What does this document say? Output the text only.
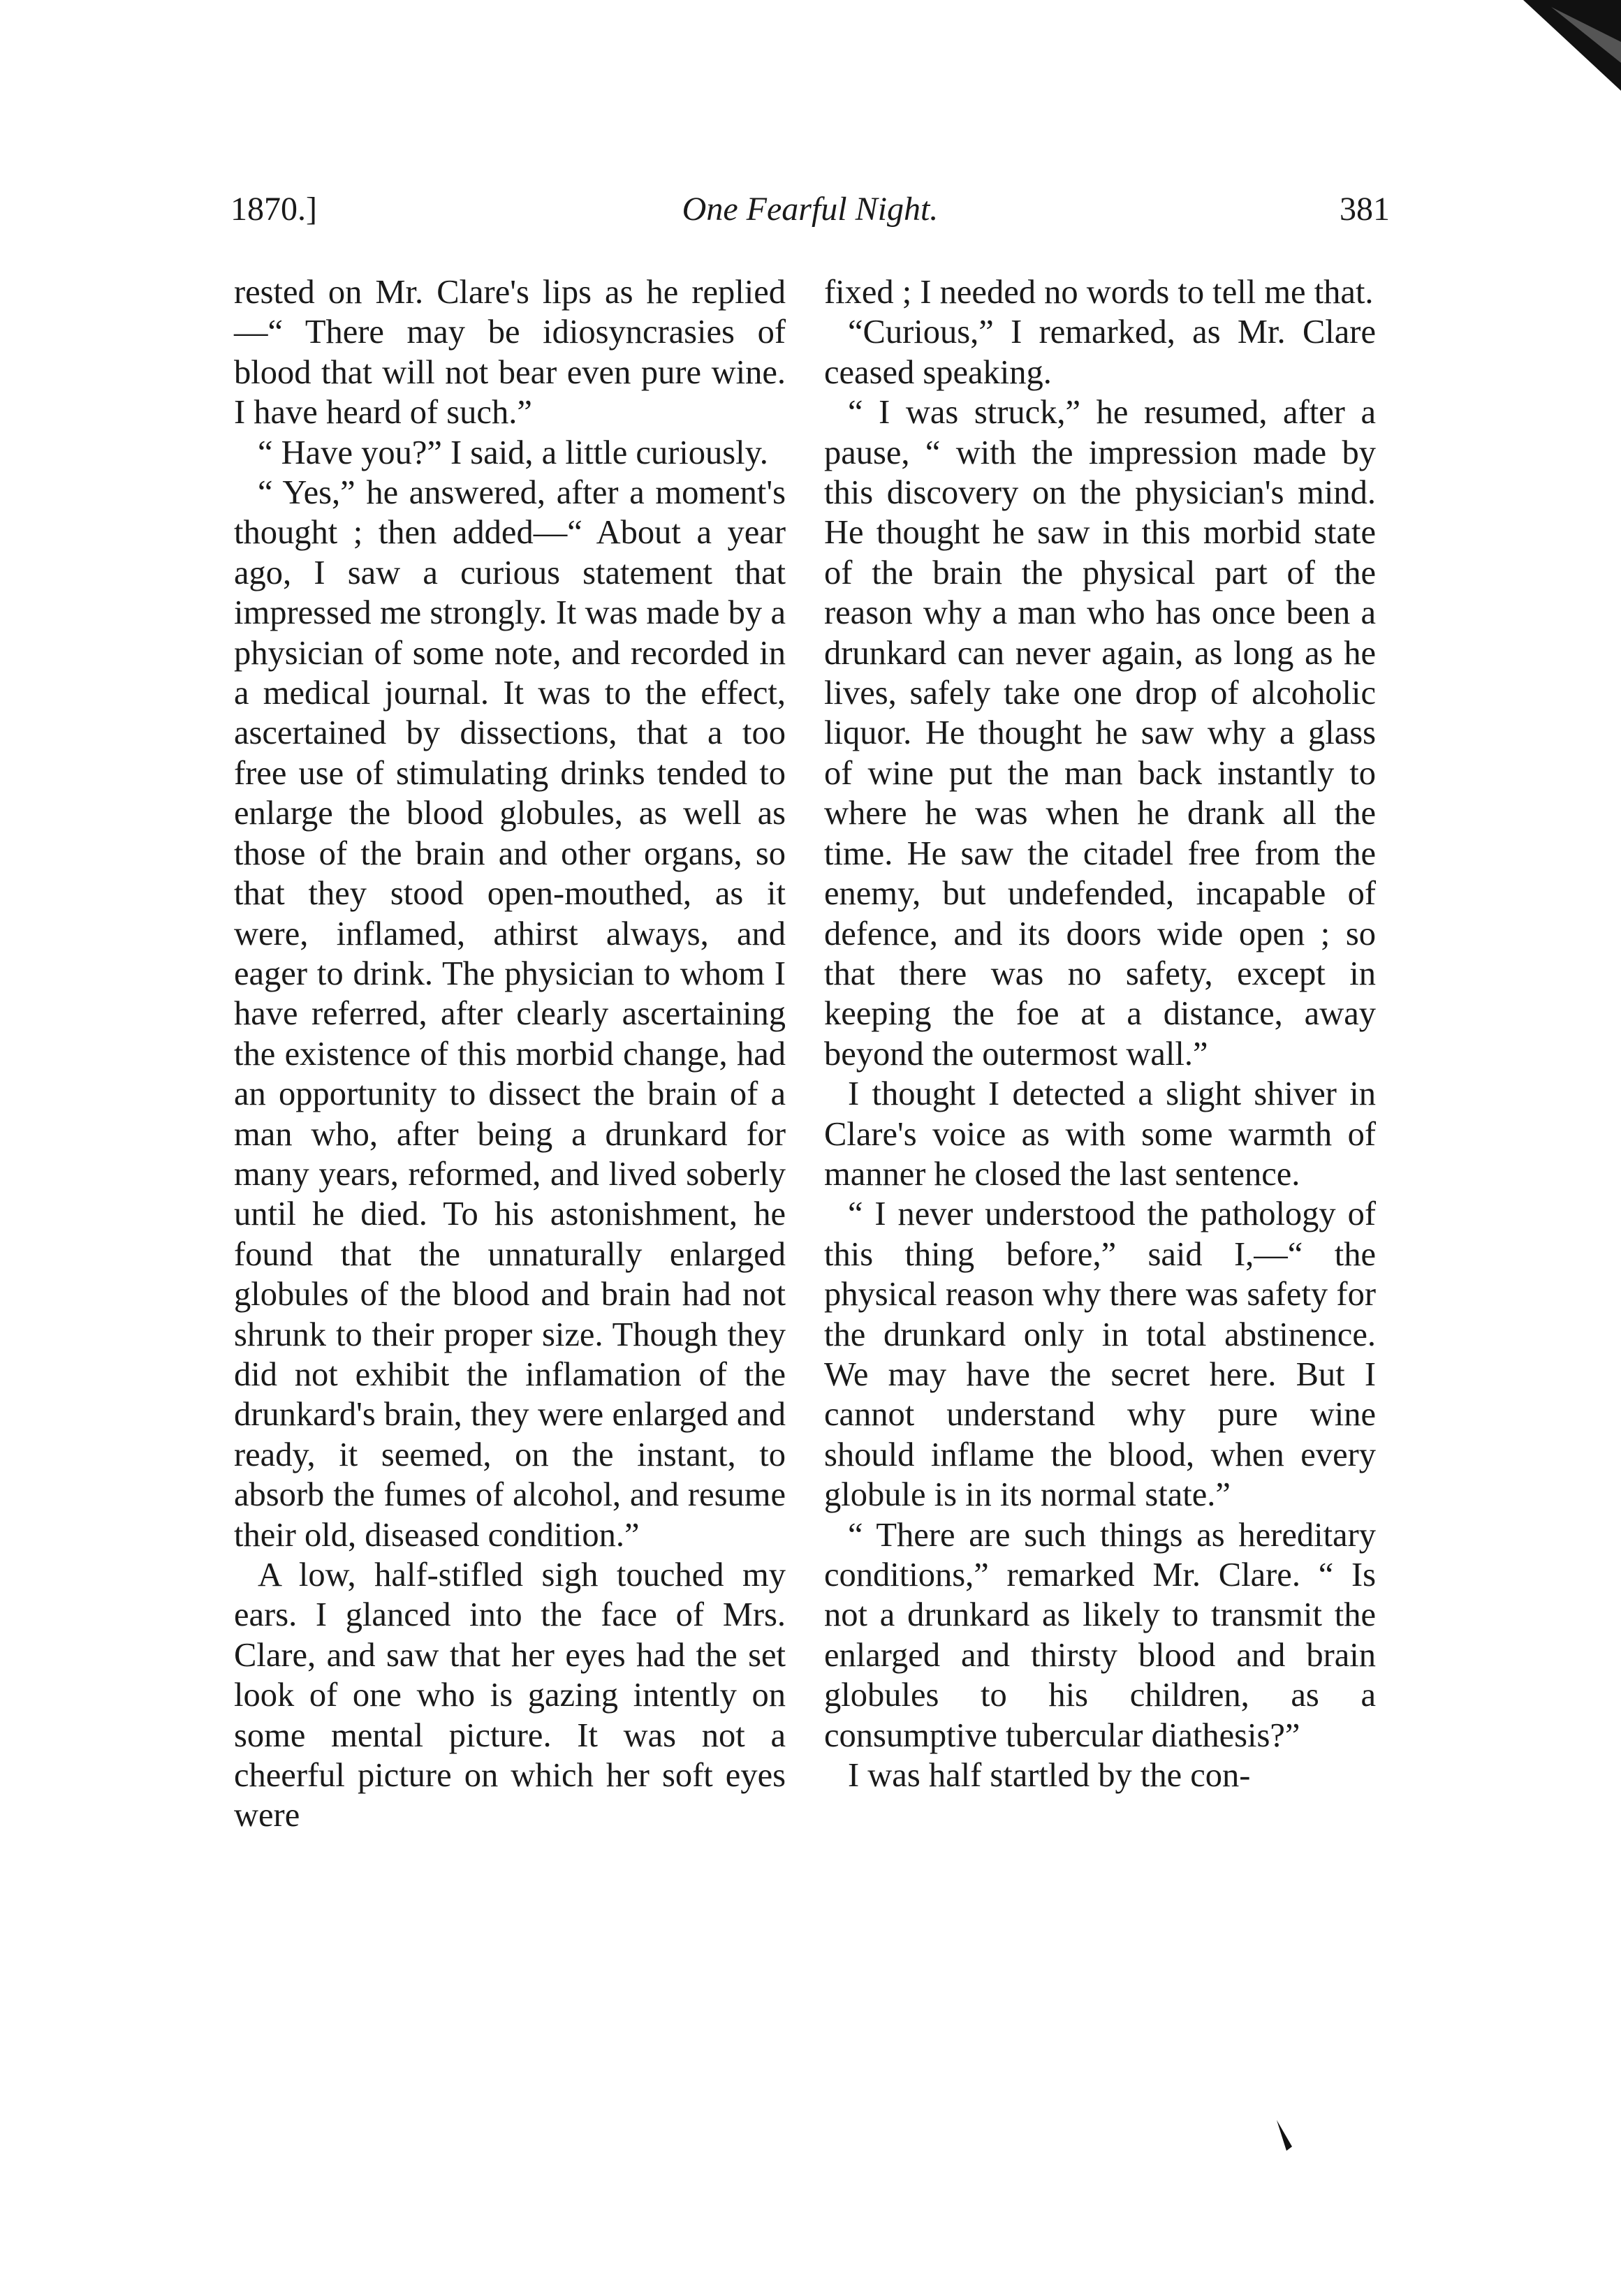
1870.]	One Fearful Night.	381

rested on Mr. Clare's lips as he replied—“ There may be idiosyncrasies of blood that will not bear even pure wine. I have heard of such.”

“ Have you?” I said, a little curiously.

“ Yes,” he answered, after a moment's thought ; then added—“ About a year ago, I saw a curious statement that impressed me strongly. It was made by a physician of some note, and recorded in a medical journal. It was to the effect, ascertained by dissections, that a too free use of stimulating drinks tended to enlarge the blood globules, as well as those of the brain and other organs, so that they stood open-mouthed, as it were, inflamed, athirst always, and eager to drink. The physician to whom I have referred, after clearly ascertaining the existence of this morbid change, had an opportunity to dissect the brain of a man who, after being a drunkard for many years, reformed, and lived soberly until he died. To his astonishment, he found that the unnaturally enlarged globules of the blood and brain had not shrunk to their proper size. Though they did not exhibit the inflamation of the drunkard's brain, they were enlarged and ready, it seemed, on the instant, to absorb the fumes of alcohol, and resume their old, diseased condition.”

A low, half-stifled sigh touched my ears. I glanced into the face of Mrs. Clare, and saw that her eyes had the set look of one who is gazing intently on some mental picture. It was not a cheerful picture on which her soft eyes were

fixed ; I needed no words to tell me that.

“Curious,” I remarked, as Mr. Clare ceased speaking.

“ I was struck,” he resumed, after a pause, “ with the impression made by this discovery on the physician's mind. He thought he saw in this morbid state of the brain the physical part of the reason why a man who has once been a drunkard can never again, as long as he lives, safely take one drop of alcoholic liquor. He thought he saw why a glass of wine put the man back instantly to where he was when he drank all the time. He saw the citadel free from the enemy, but undefended, incapable of defence, and its doors wide open ; so that there was no safety, except in keeping the foe at a distance, away beyond the outermost wall.”

I thought I detected a slight shiver in Clare's voice as with some warmth of manner he closed the last sentence.

“ I never understood the pathology of this thing before,” said I,—“ the physical reason why there was safety for the drunkard only in total abstinence. We may have the secret here. But I cannot understand why pure wine should inflame the blood, when every globule is in its normal state.”

“ There are such things as hereditary conditions,” remarked Mr. Clare. “ Is not a drunkard as likely to transmit the enlarged and thirsty blood and brain globules to his children, as a consumptive tubercular diathesis?”

I was half startled by the con-
